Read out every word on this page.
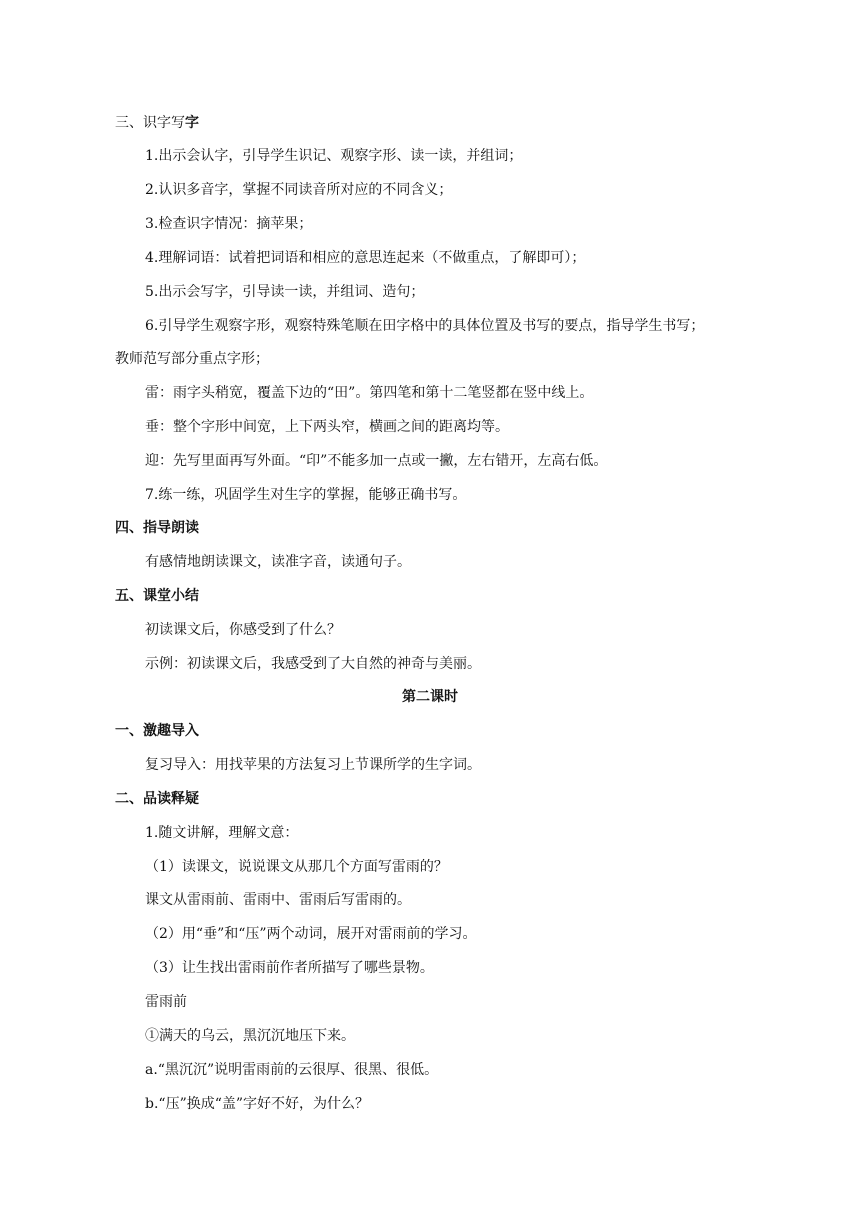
三、识字写字
1.出示会认字，引导学生识记、观察字形、读一读，并组词；
2.认识多音字，掌握不同读音所对应的不同含义；
3.检查识字情况：摘苹果；
4.理解词语：试着把词语和相应的意思连起来（不做重点，了解即可）；
5.出示会写字，引导读一读，并组词、造句；
6.引导学生观察字形，观察特殊笔顺在田字格中的具体位置及书写的要点，指导学生书写；
教师范写部分重点字形；
雷：雨字头稍宽，覆盖下边的“田”。第四笔和第十二笔竖都在竖中线上。
垂：整个字形中间宽，上下两头窄，横画之间的距离均等。
迎：先写里面再写外面。“印”不能多加一点或一撇，左右错开，左高右低。
7.练一练，巩固学生对生字的掌握，能够正确书写。
四、指导朗读
有感情地朗读课文，读准字音，读通句子。
五、课堂小结
初读课文后，你感受到了什么？
示例：初读课文后，我感受到了大自然的神奇与美丽。
第二课时
一、激趣导入
复习导入：用找苹果的方法复习上节课所学的生字词。
二、品读释疑
1.随文讲解，理解文意：
（1）读课文，说说课文从那几个方面写雷雨的？
课文从雷雨前、雷雨中、雷雨后写雷雨的。
（2）用“垂”和“压”两个动词，展开对雷雨前的学习。
（3）让生找出雷雨前作者所描写了哪些景物。
雷雨前
①满天的乌云，黑沉沉地压下来。
a.“黑沉沉”说明雷雨前的云很厚、很黑、很低。
b.“压”换成“盖”字好不好，为什么？
